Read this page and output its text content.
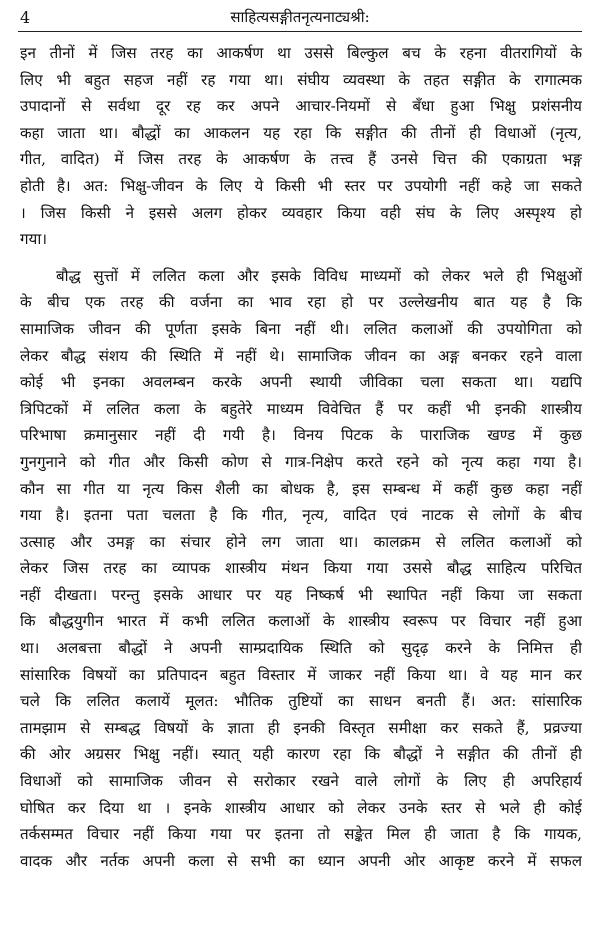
4	साहित्यसङ्गीतनृत्यनाट्यश्री:
इन तीनों में जिस तरह का आकर्षण था उससे बिल्कुल बच के रहना वीतरागियों के
लिए भी बहुत सहज नहीं रह गया था। संघीय व्यवस्था के तहत सङ्गीत के रागात्मक
उपादानों से सर्वथा दूर रह कर अपने आचार-नियमों से बँधा हुआ भिक्षु प्रशंसनीय
कहा जाता था। बौद्धों का आकलन यह रहा कि सङ्गीत की तीनों ही विधाओं (नृत्य,
गीत, वादित) में जिस तरह के आकर्षण के तत्त्व हैं उनसे चित्त की एकाग्रता भङ्ग
होती है। अत: भिक्षु-जीवन के लिए ये किसी भी स्तर पर उपयोगी नहीं कहे जा सकते
। जिस किसी ने इससे अलग होकर व्यवहार किया वही संघ के लिए अस्पृश्य हो
गया।
बौद्ध सुत्तों में ललित कला और इसके विविध माध्यमों को लेकर भले ही भिक्षुओं
के बीच एक तरह की वर्जना का भाव रहा हो पर उल्लेखनीय बात यह है कि
सामाजिक जीवन की पूर्णता इसके बिना नहीं थी। ललित कलाओं की उपयोगिता को
लेकर बौद्ध संशय की स्थिति में नहीं थे। सामाजिक जीवन का अङ्ग बनकर रहने वाला
कोई भी इनका अवलम्बन करके अपनी स्थायी जीविका चला सकता था। यद्यपि
त्रिपिटकों में ललित कला के बहुतेरे माध्यम विवेचित हैं पर कहीं भी इनकी शास्त्रीय
परिभाषा क्रमानुसार नहीं दी गयी है। विनय पिटक के पाराजिक खण्ड में कुछ
गुनगुनाने को गीत और किसी कोण से गात्र-निक्षेप करते रहने को नृत्य कहा गया है।
कौन सा गीत या नृत्य किस शैली का बोधक है, इस सम्बन्ध में कहीं कुछ कहा नहीं
गया है। इतना पता चलता है कि गीत, नृत्य, वादित एवं नाटक से लोगों के बीच
उत्साह और उमङ्ग का संचार होने लग जाता था। कालक्रम से ललित कलाओं को
लेकर जिस तरह का व्यापक शास्त्रीय मंथन किया गया उससे बौद्ध साहित्य परिचित
नहीं दीखता। परन्तु इसके आधार पर यह निष्कर्ष भी स्थापित नहीं किया जा सकता
कि बौद्धयुगीन भारत में कभी ललित कलाओं के शास्त्रीय स्वरूप पर विचार नहीं हुआ
था। अलबत्ता बौद्धों ने अपनी साम्प्रदायिक स्थिति को सुदृढ़ करने के निमित्त ही
सांसारिक विषयों का प्रतिपादन बहुत विस्तार में जाकर नहीं किया था। वे यह मान कर
चले कि ललित कलायें मूलत: भौतिक तुष्टियों का साधन बनती हैं। अत: सांसारिक
तामझाम से सम्बद्ध विषयों के ज्ञाता ही इनकी विस्तृत समीक्षा कर सकते हैं, प्रव्रज्या
की ओर अग्रसर भिक्षु नहीं। स्यात् यही कारण रहा कि बौद्धों ने सङ्गीत की तीनों ही
विधाओं को सामाजिक जीवन से सरोकार रखने वाले लोगों के लिए ही अपरिहार्य
घोषित कर दिया था । इनके शास्त्रीय आधार को लेकर उनके स्तर से भले ही कोई
तर्कसम्मत विचार नहीं किया गया पर इतना तो सङ्केत मिल ही जाता है कि गायक,
वादक और नर्तक अपनी कला से सभी का ध्यान अपनी ओर आकृष्ट करने में सफल
